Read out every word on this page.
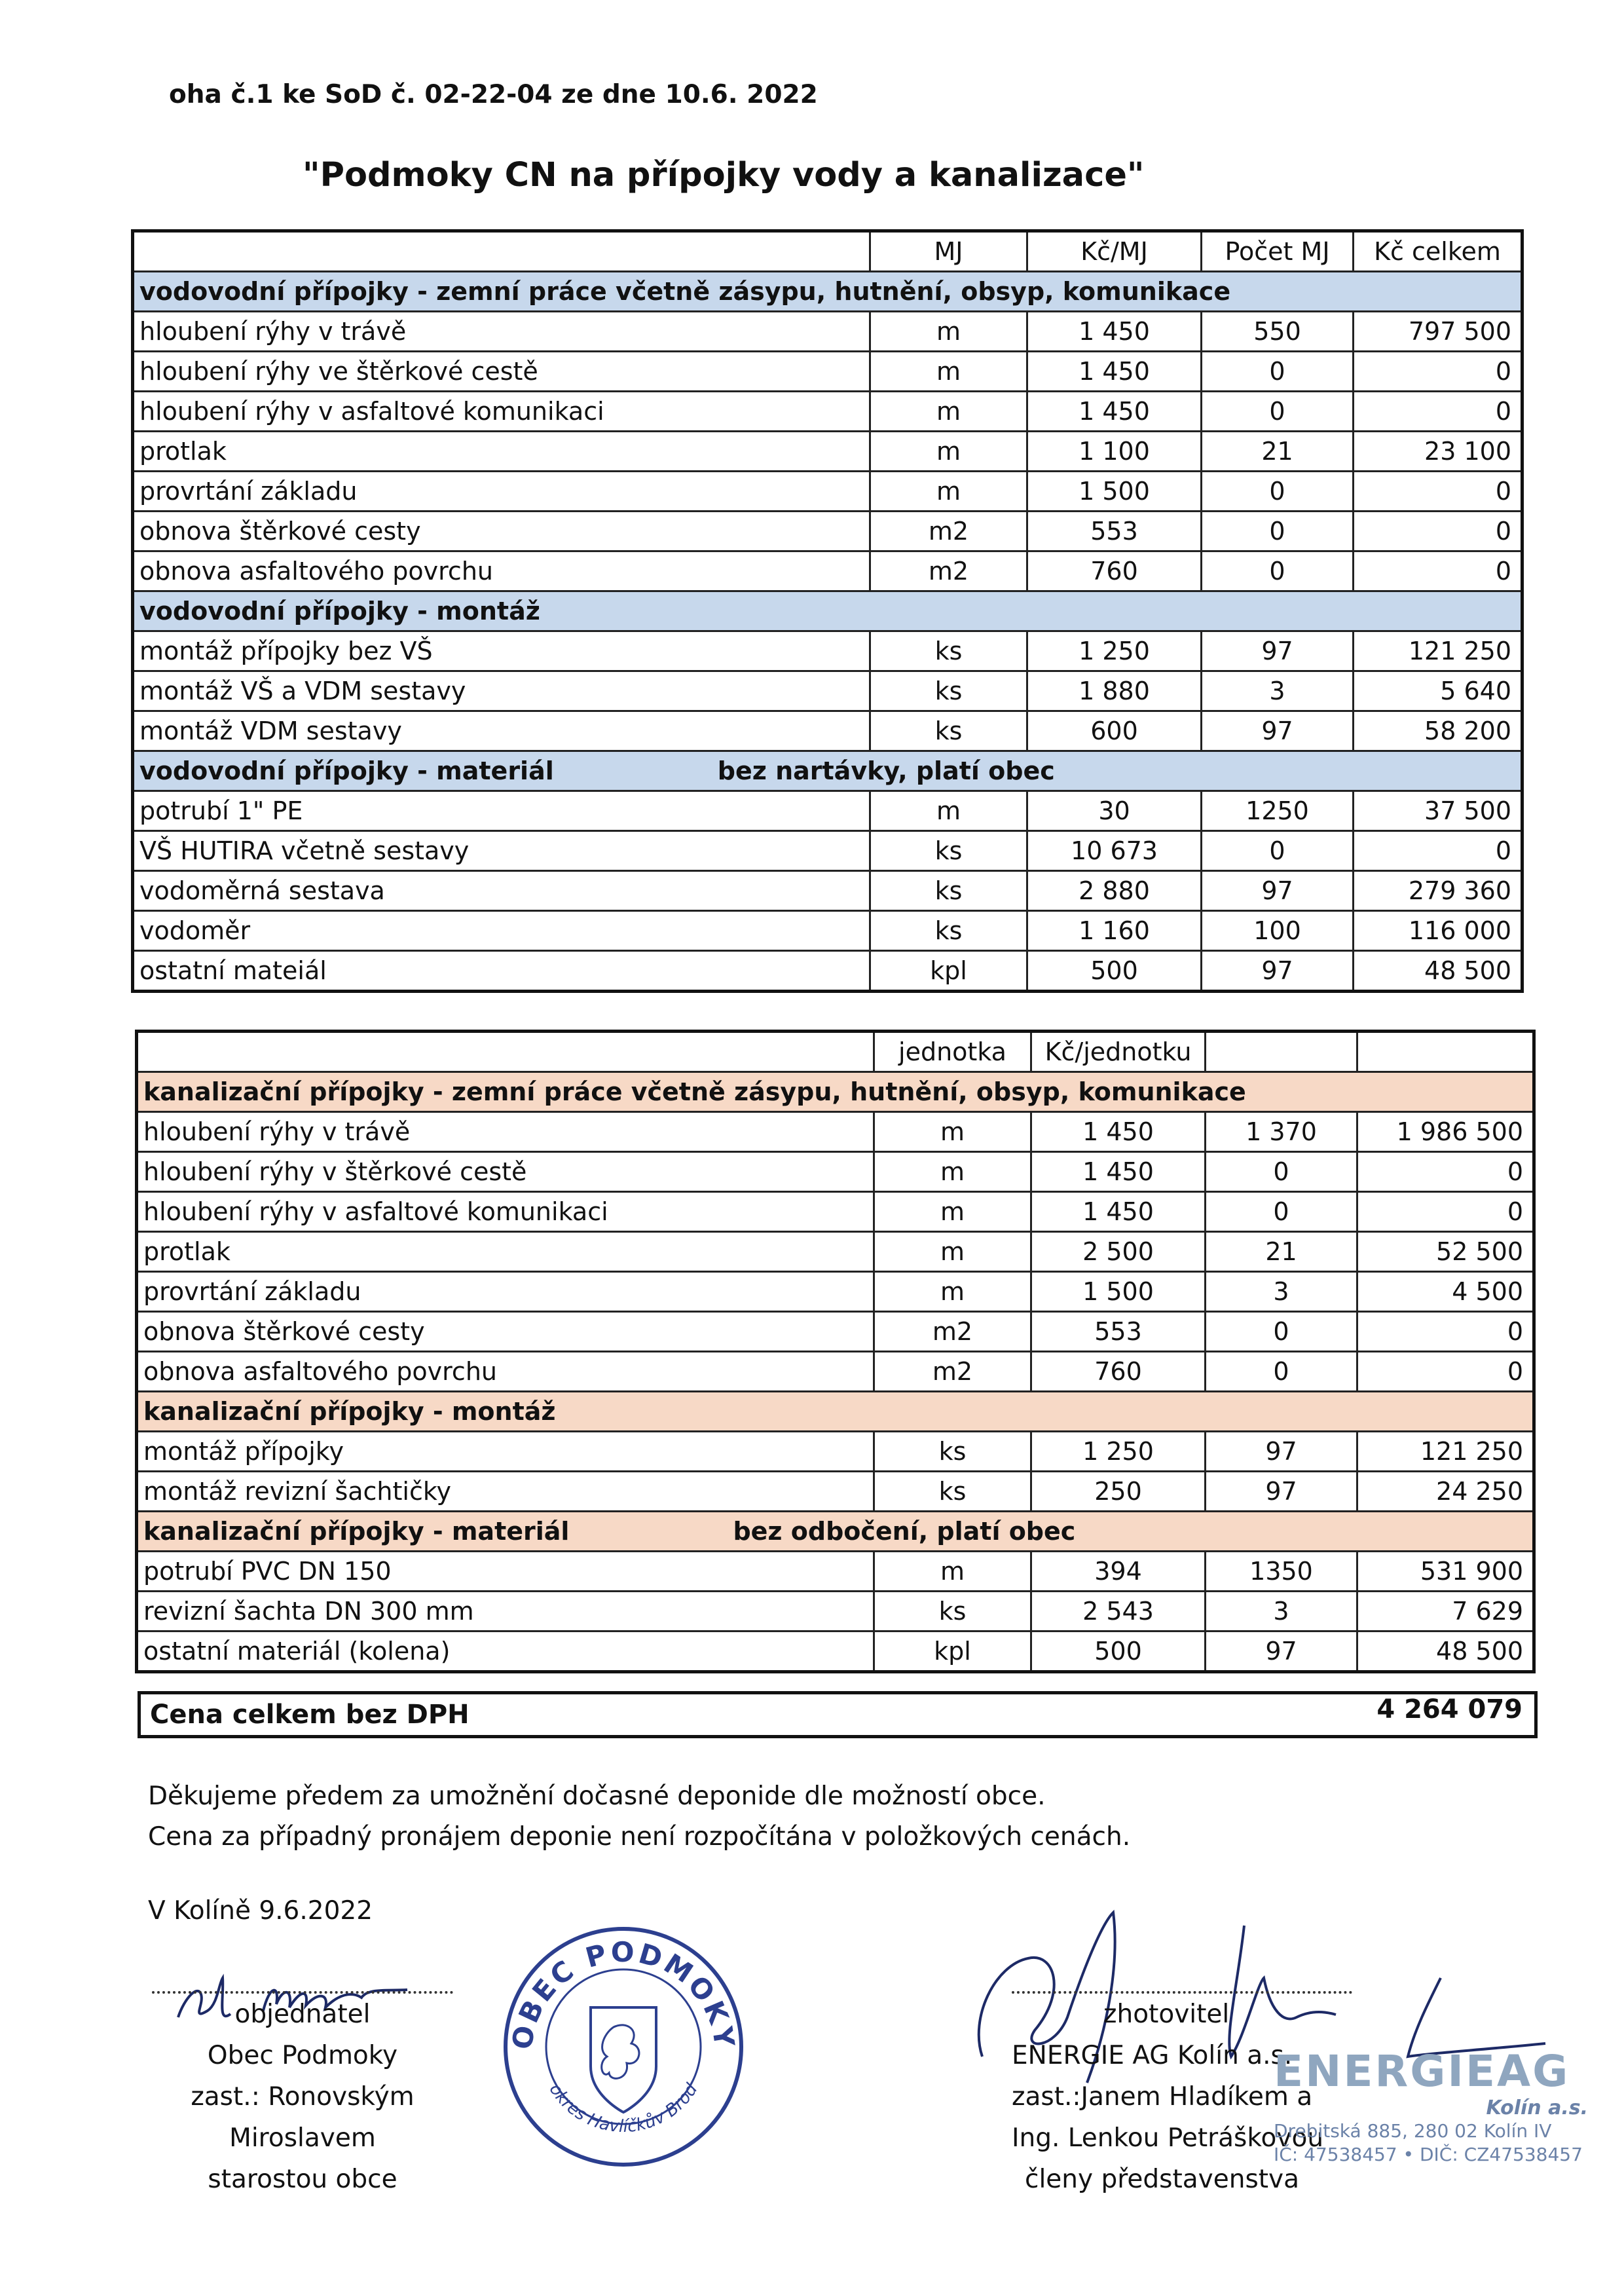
oha č.1 ke SoD č. 02-22-04 ze dne 10.6. 2022
"Podmoky CN na přípojky vody a kanalizace"
	MJ	Kč/MJ	Počet MJ	Kč celkem
vodovodní přípojky - zemní práce včetně zásypu, hutnění, obsyp, komunikace				
hloubení rýhy v trávě	m	1 450	550	797 500
hloubení rýhy ve štěrkové cestě	m	1 450	0	0
hloubení rýhy v asfaltové komunikaci	m	1 450	0	0
protlak	m	1 100	21	23 100
provrtání základu	m	1 500	0	0
obnova štěrkové cesty	m2	553	0	0
obnova asfaltového povrchu	m2	760	0	0
vodovodní přípojky - montáž				
montáž přípojky bez VŠ	ks	1 250	97	121 250
montáž VŠ a VDM sestavy	ks	1 880	3	5 640
montáž VDM sestavy	ks	600	97	58 200
vodovodní přípojky - materiál bez nartávky, platí obec				
potrubí 1" PE	m	30	1250	37 500
VŠ HUTIRA včetně sestavy	ks	10 673	0	0
vodoměrná sestava	ks	2 880	97	279 360
vodoměr	ks	1 160	100	116 000
ostatní mateiál	kpl	500	97	48 500
	jednotka	Kč/jednotku		
kanalizační přípojky - zemní práce včetně zásypu, hutnění, obsyp, komunikace				
hloubení rýhy v trávě	m	1 450	1 370	1 986 500
hloubení rýhy v štěrkové cestě	m	1 450	0	0
hloubení rýhy v asfaltové komunikaci	m	1 450	0	0
protlak	m	2 500	21	52 500
provrtání základu	m	1 500	3	4 500
obnova štěrkové cesty	m2	553	0	0
obnova asfaltového povrchu	m2	760	0	0
kanalizační přípojky - montáž				
montáž přípojky	ks	1 250	97	121 250
montáž revizní šachtičky	ks	250	97	24 250
kanalizační přípojky - materiál bez odbočení, platí obec				
potrubí PVC DN 150	m	394	1350	531 900
revizní šachta DN 300 mm	ks	2 543	3	7 629
ostatní materiál (kolena)	kpl	500	97	48 500
Cena celkem bez DPH	4 264 079
Děkujeme předem za umožnění dočasné deponide dle možností obce.
Cena za případný pronájem deponie není rozpočítána v položkových cenách.
V Kolíně 9.6.2022
objednatel
Obec Podmoky
zast.: Ronovským Miroslavem
starostou obce
OBEC PODMOKY
okres Havlíčkův Brod
zhotovitel
ENERGIE AG Kolín a.s.
zast.:Janem Hladíkem a
Ing. Lenkou Petráškovou
členy představenstva
ENERGIEAG
Kolín a.s.
Drebitská 885, 280 02 Kolín IV
IČ: 47538457 • DIČ: CZ47538457
